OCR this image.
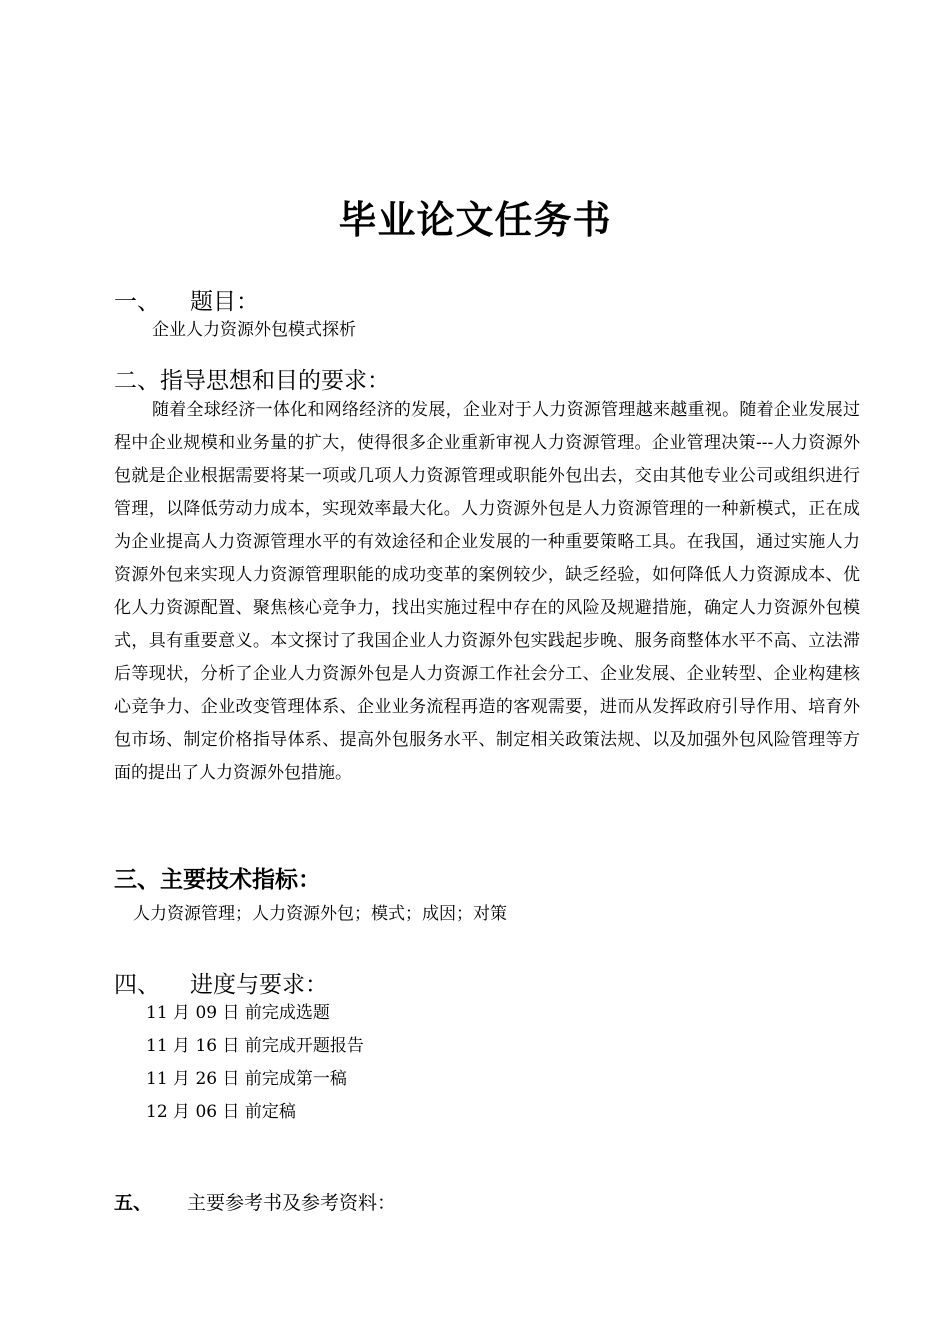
毕业论文任务书
一、 题目：
企业人力资源外包模式探析
二、指导思想和目的要求：
随着全球经济一体化和网络经济的发展，企业对于人力资源管理越来越重视。随着企业发展过程中企业规模和业务量的扩大，使得很多企业重新审视人力资源管理。企业管理决策---人力资源外包就是企业根据需要将某一项或几项人力资源管理或职能外包出去，交由其他专业公司或组织进行管理，以降低劳动力成本，实现效率最大化。人力资源外包是人力资源管理的一种新模式，正在成为企业提高人力资源管理水平的有效途径和企业发展的一种重要策略工具。在我国，通过实施人力资源外包来实现人力资源管理职能的成功变革的案例较少，缺乏经验，如何降低人力资源成本、优化人力资源配置、聚焦核心竞争力，找出实施过程中存在的风险及规避措施，确定人力资源外包模式，具有重要意义。本文探讨了我国企业人力资源外包实践起步晚、服务商整体水平不高、立法滞后等现状，分析了企业人力资源外包是人力资源工作社会分工、企业发展、企业转型、企业构建核心竞争力、企业改变管理体系、企业业务流程再造的客观需要，进而从发挥政府引导作用、培育外包市场、制定价格指导体系、提高外包服务水平、制定相关政策法规、以及加强外包风险管理等方面的提出了人力资源外包措施。
三、主要技术指标：
人力资源管理；人力资源外包；模式；成因；对策
四、 进度与要求：
11 月 09 日 前完成选题
11 月 16 日 前完成开题报告
11 月 26 日 前完成第一稿
12 月 06 日 前定稿
五、 主要参考书及参考资料：
